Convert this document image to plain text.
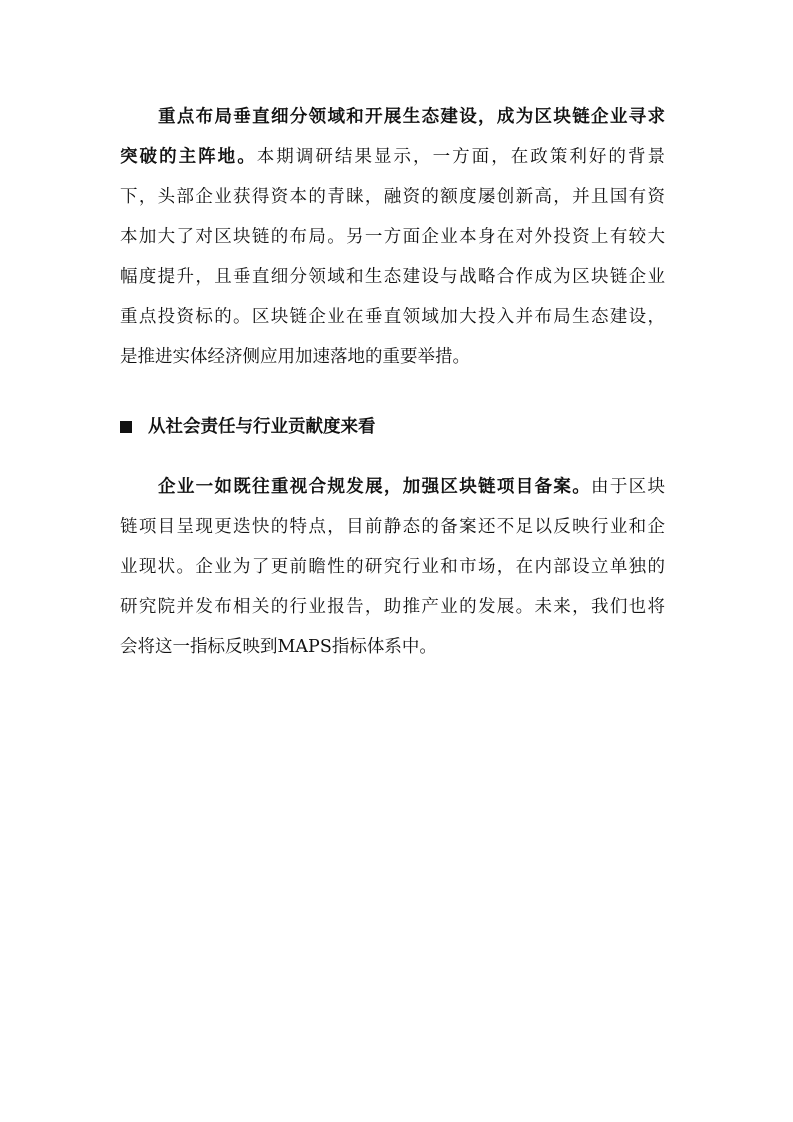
重点布局垂直细分领域和开展生态建设，成为区块链企业寻求
突破的主阵地。本期调研结果显示，一方面，在政策利好的背景
下，头部企业获得资本的青睐，融资的额度屡创新高，并且国有资
本加大了对区块链的布局。另一方面企业本身在对外投资上有较大
幅度提升，且垂直细分领域和生态建设与战略合作成为区块链企业
重点投资标的。区块链企业在垂直领域加大投入并布局生态建设，
是推进实体经济侧应用加速落地的重要举措。
从社会责任与行业贡献度来看
企业一如既往重视合规发展，加强区块链项目备案。由于区块
链项目呈现更迭快的特点，目前静态的备案还不足以反映行业和企
业现状。企业为了更前瞻性的研究行业和市场，在内部设立单独的
研究院并发布相关的行业报告，助推产业的发展。未来，我们也将
会将这一指标反映到MAPS指标体系中。
